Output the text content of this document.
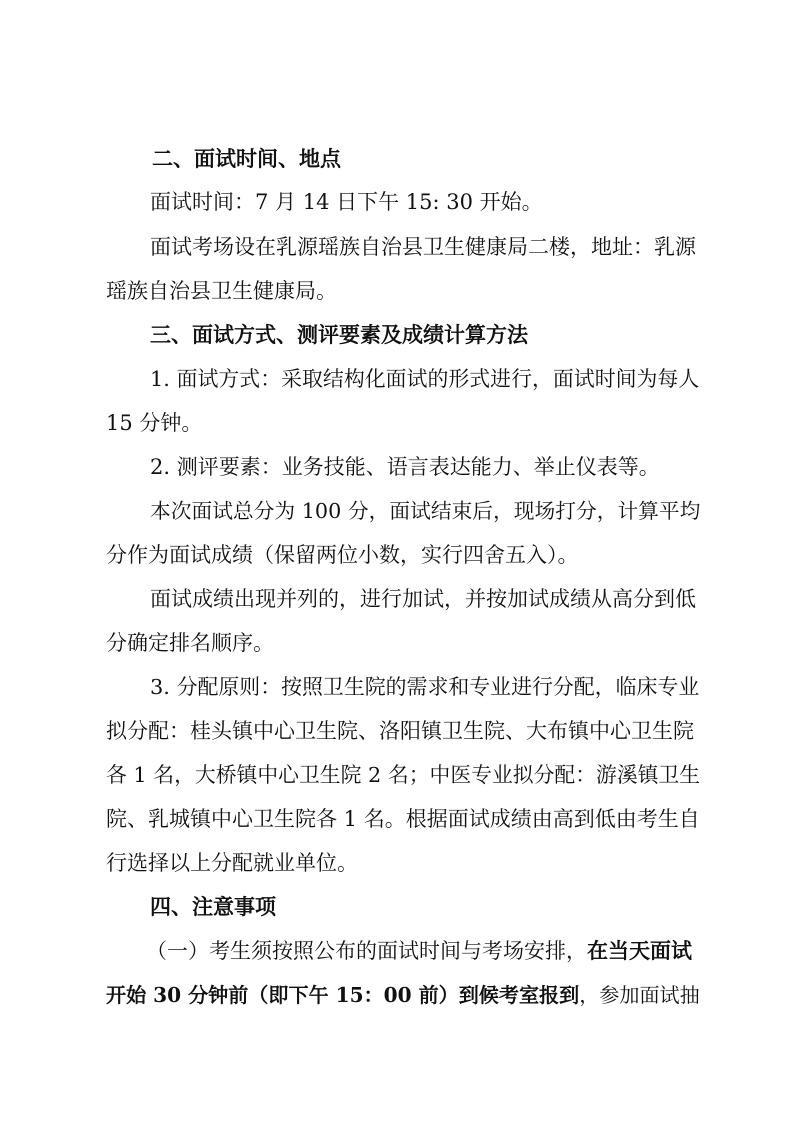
二、面试时间、地点
面试时间：7 月 14 日下午 15: 30 开始。
面试考场设在乳源瑶族自治县卫生健康局二楼，地址：乳源
瑶族自治县卫生健康局。
三、面试方式、测评要素及成绩计算方法
1. 面试方式：采取结构化面试的形式进行，面试时间为每人
15 分钟。
2. 测评要素：业务技能、语言表达能力、举止仪表等。
本次面试总分为 100 分，面试结束后，现场打分，计算平均
分作为面试成绩（保留两位小数，实行四舍五入）。
面试成绩出现并列的，进行加试，并按加试成绩从高分到低
分确定排名顺序。
3. 分配原则：按照卫生院的需求和专业进行分配，临床专业
拟分配：桂头镇中心卫生院、洛阳镇卫生院、大布镇中心卫生院
各 1 名，大桥镇中心卫生院 2 名；中医专业拟分配：游溪镇卫生
院、乳城镇中心卫生院各 1 名。根据面试成绩由高到低由考生自
行选择以上分配就业单位。
四、注意事项
（一）考生须按照公布的面试时间与考场安排，在当天面试
开始 30 分钟前（即下午 15：00 前）到候考室报到，参加面试抽
